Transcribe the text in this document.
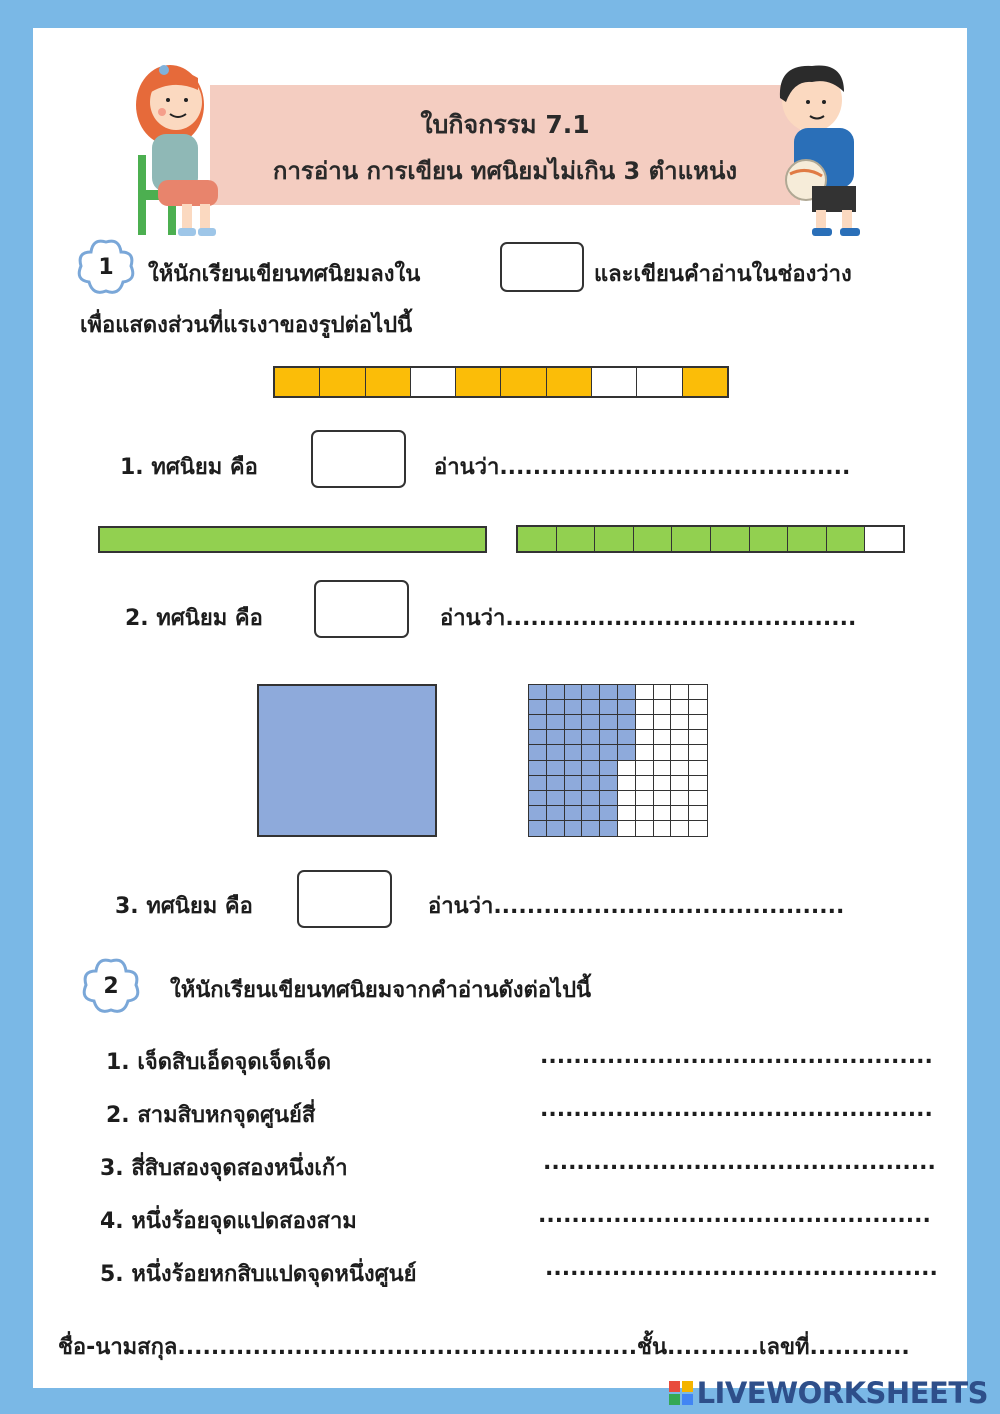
ใบกิจกรรม 7.1
การอ่าน การเขียน ทศนิยมไม่เกิน 3 ตำแหน่ง
1	ให้นักเรียนเขียนทศนิยมลงใน	และเขียนคำอ่านในช่องว่าง
เพื่อแสดงส่วนที่แรเงาของรูปต่อไปนี้
1. ทศนิยม คือ	อ่านว่า..........................................
2. ทศนิยม คือ	อ่านว่า..........................................
3. ทศนิยม คือ	อ่านว่า..........................................
2	ให้นักเรียนเขียนทศนิยมจากคำอ่านดังต่อไปนี้
1. เจ็ดสิบเอ็ดจุดเจ็ดเจ็ด	...............................................
2. สามสิบหกจุดศูนย์สี่	...............................................
3. สี่สิบสองจุดสองหนึ่งเก้า	...............................................
4. หนึ่งร้อยจุดแปดสองสาม	...............................................
5. หนึ่งร้อยหกสิบแปดจุดหนึ่งศูนย์	...............................................
ชื่อ-นามสกุล.......................................................ชั้น...........เลขที่............
LIVEWORKSHEETS
